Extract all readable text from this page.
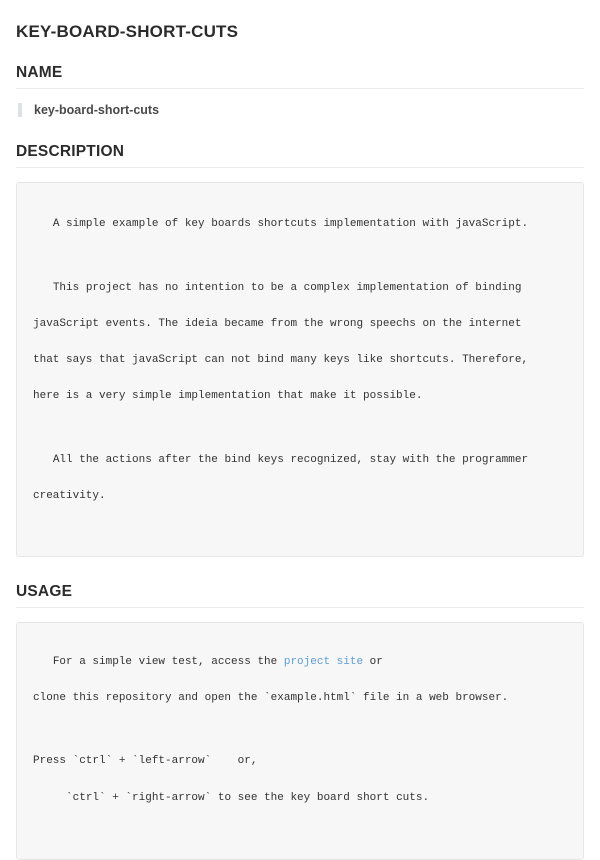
KEY-BOARD-SHORT-CUTS
NAME
key-board-short-cuts
DESCRIPTION

A simple example of key boards shortcuts implementation with javaScript.

This project has no intention to be a complex implementation of binding

javaScript events. The ideia became from the wrong speechs on the internet

that says that javaScript can not bind many keys like shortcuts. Therefore,

here is a very simple implementation that make it possible.

All the actions after the bind keys recognized, stay with the programmer

creativity.

USAGE

For a simple view test, access the project site or

clone this repository and open the `example.html` file in a web browser.

Press `ctrl` + `left-arrow`    or,

`ctrl` + `right-arrow` to see the key board short cuts.
